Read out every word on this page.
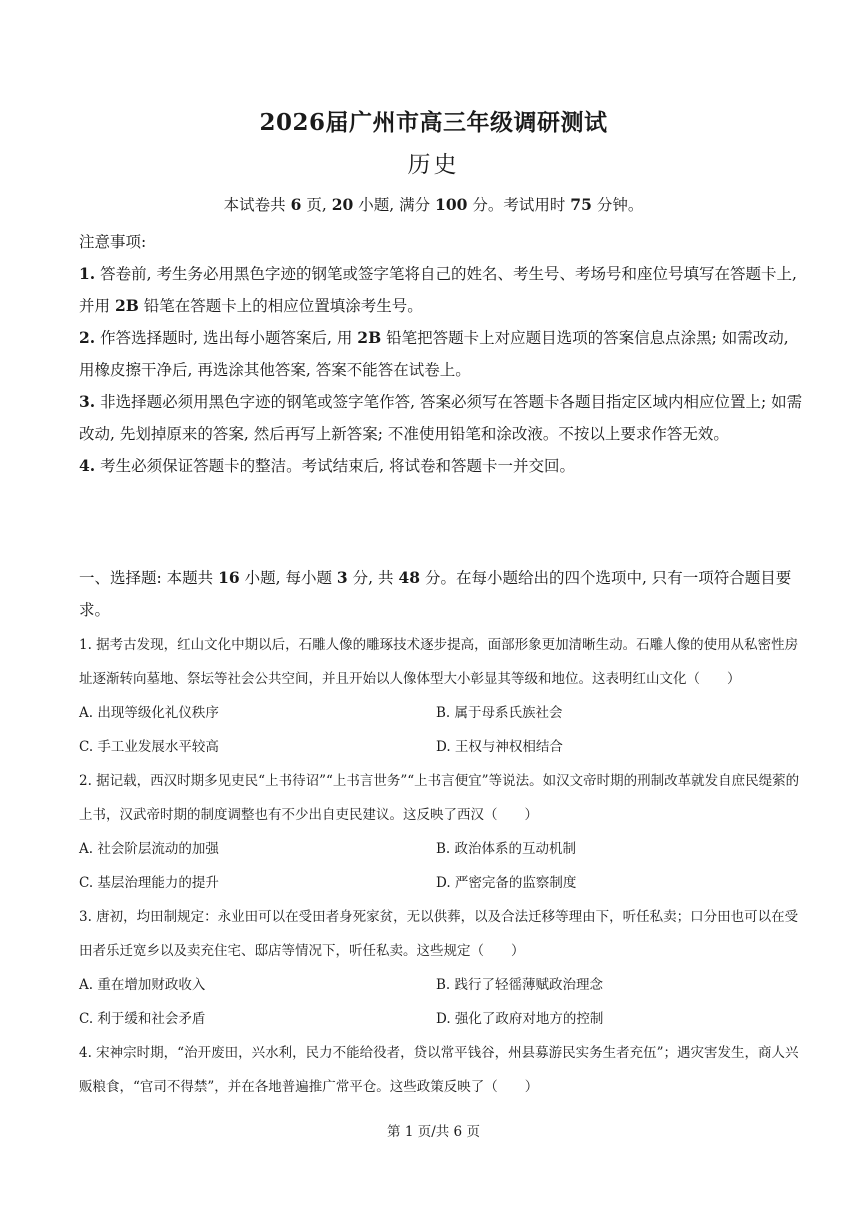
2026届广州市高三年级调研测试
历史
本试卷共 6 页, 20 小题, 满分 100 分。考试用时 75 分钟。

注意事项:

1. 答卷前, 考生务必用黑色字迹的钢笔或签字笔将自己的姓名、考生号、考场号和座位号填写在答题卡上, 并用 2B 铅笔在答题卡上的相应位置填涂考生号。

2. 作答选择题时, 选出每小题答案后, 用 2B 铅笔把答题卡上对应题目选项的答案信息点涂黑; 如需改动, 用橡皮擦干净后, 再选涂其他答案, 答案不能答在试卷上。

3. 非选择题必须用黑色字迹的钢笔或签字笔作答, 答案必须写在答题卡各题目指定区域内相应位置上; 如需改动, 先划掉原来的答案, 然后再写上新答案; 不准使用铅笔和涂改液。不按以上要求作答无效。

4. 考生必须保证答题卡的整洁。考试结束后, 将试卷和答题卡一并交回。

一、选择题: 本题共 16 小题, 每小题 3 分, 共 48 分。在每小题给出的四个选项中, 只有一项符合题目要求。

1. 据考古发现，红山文化中期以后，石雕人像的雕琢技术逐步提高，面部形象更加清晰生动。石雕人像的使用从私密性房址逐渐转向墓地、祭坛等社会公共空间，并且开始以人像体型大小彰显其等级和地位。这表明红山文化（　　）

A. 出现等级化礼仪秩序	B. 属于母系氏族社会
C. 手工业发展水平较高	D. 王权与神权相结合

2. 据记载，西汉时期多见吏民“上书待诏”“上书言世务”“上书言便宜”等说法。如汉文帝时期的刑制改革就发自庶民缇萦的上书，汉武帝时期的制度调整也有不少出自吏民建议。这反映了西汉（　　）

A. 社会阶层流动的加强	B. 政治体系的互动机制
C. 基层治理能力的提升	D. 严密完备的监察制度

3. 唐初，均田制规定：永业田可以在受田者身死家贫，无以供葬，以及合法迁移等理由下，听任私卖；口分田也可以在受田者乐迁宽乡以及卖充住宅、邸店等情况下，听任私卖。这些规定（　　）

A. 重在增加财政收入	B. 践行了轻徭薄赋政治理念
C. 利于缓和社会矛盾	D. 强化了政府对地方的控制

4. 宋神宗时期，“治开废田，兴水利，民力不能给役者，贷以常平钱谷，州县募游民实务生者充伍”；遇灾害发生，商人兴贩粮食，“官司不得禁”，并在各地普遍推广常平仓。这些政策反映了（　　）

第 1 页/共 6 页
